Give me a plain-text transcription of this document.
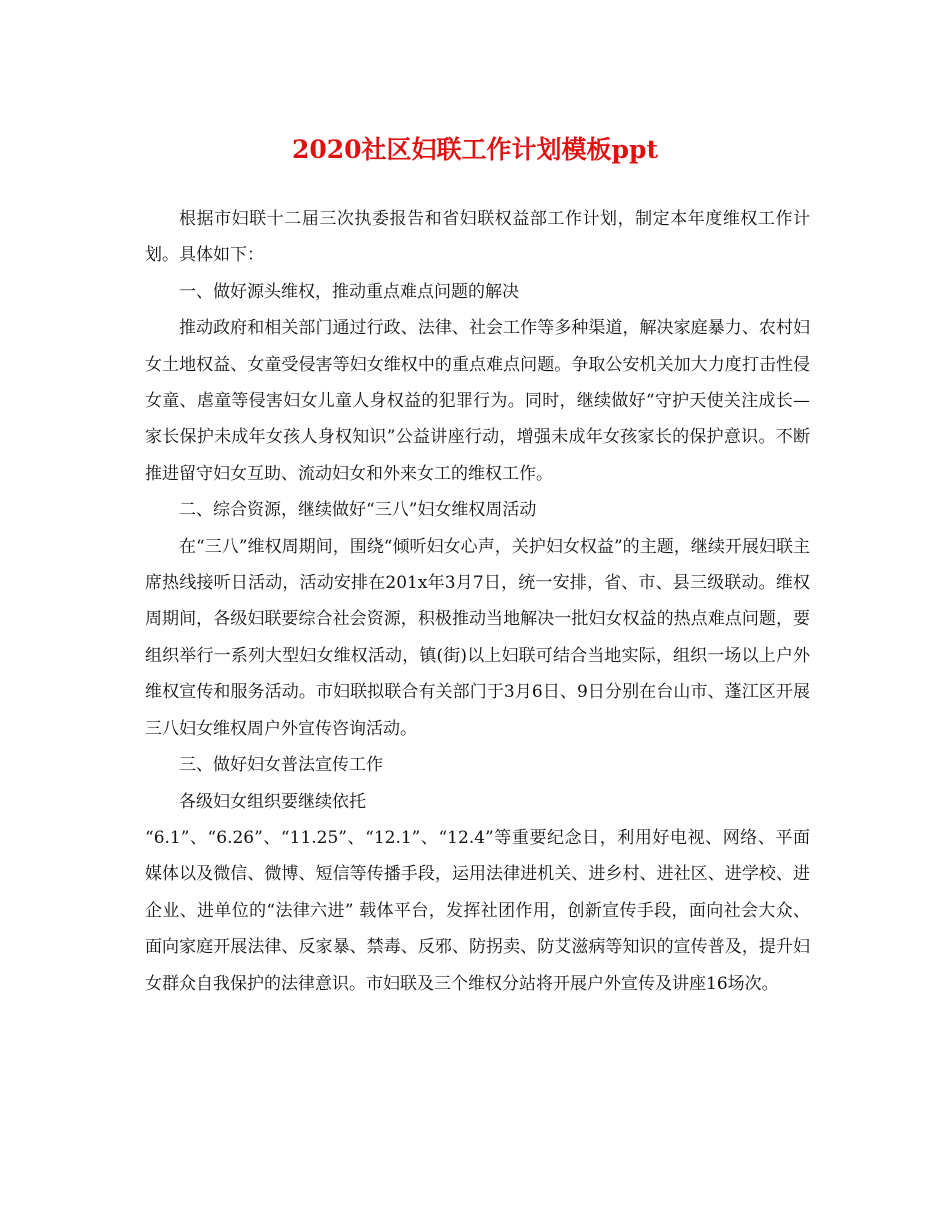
2020社区妇联工作计划模板ppt

根据市妇联十二届三次执委报告和省妇联权益部工作计划，制定本年度维权工作计划。具体如下：

一、做好源头维权，推动重点难点问题的解决

推动政府和相关部门通过行政、法律、社会工作等多种渠道，解决家庭暴力、农村妇女土地权益、女童受侵害等妇女维权中的重点难点问题。争取公安机关加大力度打击性侵女童、虐童等侵害妇女儿童人身权益的犯罪行为。同时，继续做好“守护天使关注成长—家长保护未成年女孩人身权知识”公益讲座行动，增强未成年女孩家长的保护意识。不断推进留守妇女互助、流动妇女和外来女工的维权工作。

二、综合资源，继续做好“三八”妇女维权周活动

在“三八”维权周期间，围绕“倾听妇女心声，关护妇女权益”的主题，继续开展妇联主席热线接听日活动，活动安排在201x年3月7日，统一安排，省、市、县三级联动。维权周期间，各级妇联要综合社会资源，积极推动当地解决一批妇女权益的热点难点问题，要组织举行一系列大型妇女维权活动，镇(街)以上妇联可结合当地实际，组织一场以上户外维权宣传和服务活动。市妇联拟联合有关部门于3月6日、9日分别在台山市、蓬江区开展三八妇女维权周户外宣传咨询活动。

三、做好妇女普法宣传工作

各级妇女组织要继续依托

“6.1”、“6.26”、“11.25”、“12.1”、“12.4”等重要纪念日，利用好电视、网络、平面媒体以及微信、微博、短信等传播手段，运用法律进机关、进乡村、进社区、进学校、进企业、进单位的“法律六进” 载体平台，发挥社团作用，创新宣传手段，面向社会大众、面向家庭开展法律、反家暴、禁毒、反邪、防拐卖、防艾滋病等知识的宣传普及，提升妇女群众自我保护的法律意识。市妇联及三个维权分站将开展户外宣传及讲座16场次。
